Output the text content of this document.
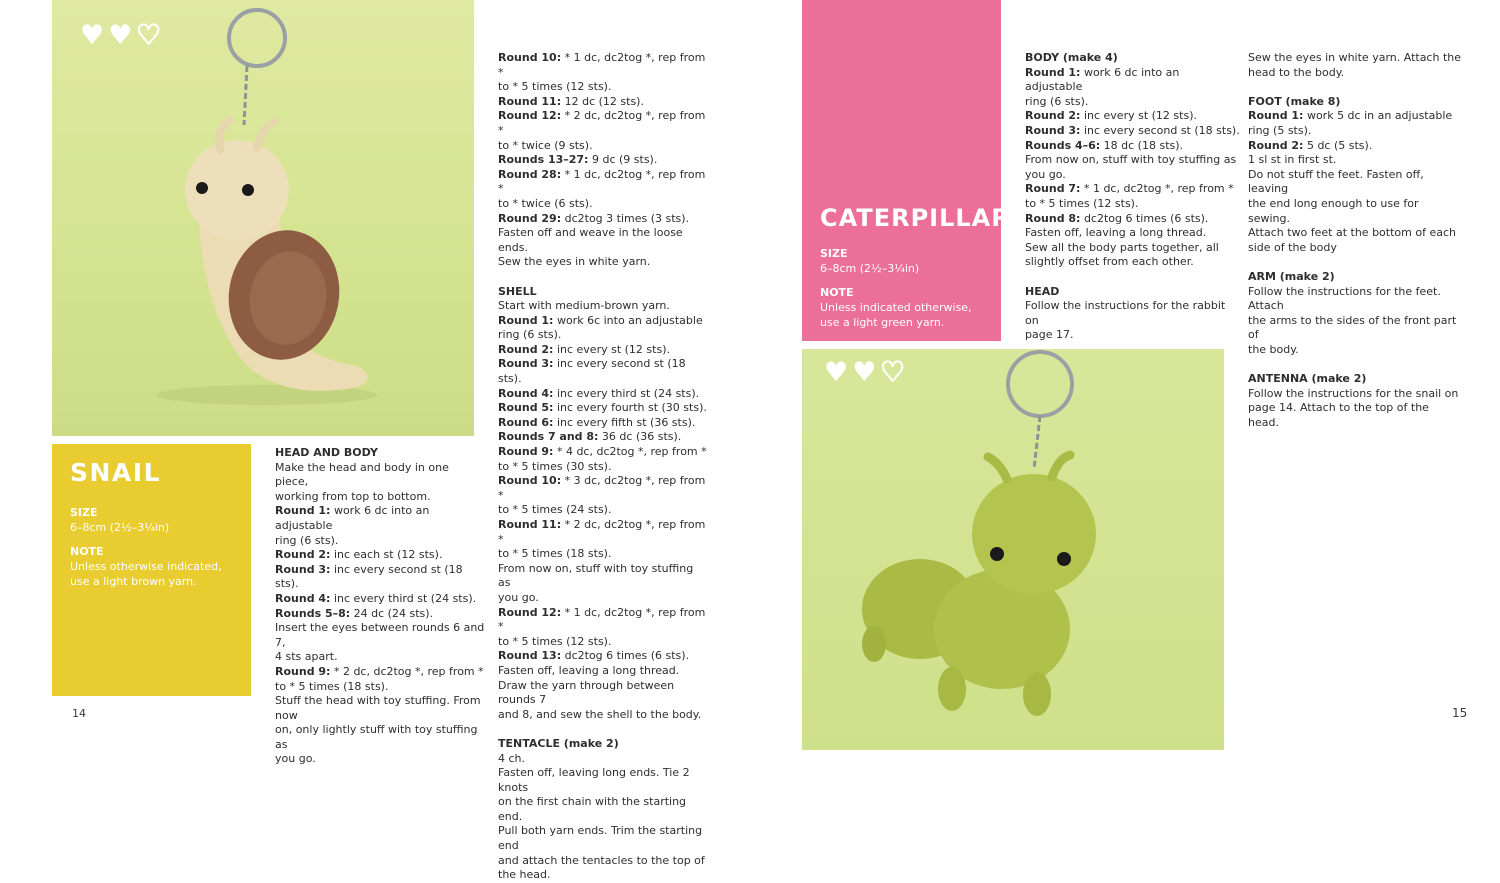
♥ ♥ ♥

SNAIL

SIZE

6–8cm (2½–3¼in)

NOTE

Unless otherwise indicated, use a light brown yarn.

HEAD AND BODY

Make the head and body in one piece,

working from top to bottom.

Round 1: work 6 dc into an adjustable

ring (6 sts).

Round 2: inc each st (12 sts).

Round 3: inc every second st (18 sts).

Round 4: inc every third st (24 sts).

Rounds 5–8: 24 dc (24 sts).

Insert the eyes between rounds 6 and 7,

4 sts apart.

Round 9: * 2 dc, dc2tog *, rep from *

to * 5 times (18 sts).

Stuff the head with toy stuffing. From now

on, only lightly stuff with toy stuffing as

you go.

Round 10: * 1 dc, dc2tog *, rep from *

to * 5 times (12 sts).

Round 11: 12 dc (12 sts).

Round 12: * 2 dc, dc2tog *, rep from *

to * twice (9 sts).

Rounds 13–27: 9 dc (9 sts).

Round 28: * 1 dc, dc2tog *, rep from *

to * twice (6 sts).

Round 29: dc2tog 3 times (3 sts).

Fasten off and weave in the loose ends.

Sew the eyes in white yarn.

SHELL

Start with medium-brown yarn.

Round 1: work 6c into an adjustable

ring (6 sts).

Round 2: inc every st (12 sts).

Round 3: inc every second st (18 sts).

Round 4: inc every third st (24 sts).

Round 5: inc every fourth st (30 sts).

Round 6: inc every fifth st (36 sts).

Rounds 7 and 8: 36 dc (36 sts).

Round 9: * 4 dc, dc2tog *, rep from *

to * 5 times (30 sts).

Round 10: * 3 dc, dc2tog *, rep from *

to * 5 times (24 sts).

Round 11: * 2 dc, dc2tog *, rep from *

to * 5 times (18 sts).

From now on, stuff with toy stuffing as

you go.

Round 12: * 1 dc, dc2tog *, rep from *

to * 5 times (12 sts).

Round 13: dc2tog 6 times (6 sts).

Fasten off, leaving a long thread.

Draw the yarn through between rounds 7

and 8, and sew the shell to the body.

TENTACLE (make 2)

4 ch.

Fasten off, leaving long ends. Tie 2 knots

on the first chain with the starting end.

Pull both yarn ends. Trim the starting end

and attach the tentacles to the top of

the head.

CATERPILLAR

SIZE

6–8cm (2½–3¼in)

NOTE

Unless indicated otherwise, use a light green yarn.

BODY (make 4)

Round 1: work 6 dc into an adjustable

ring (6 sts).

Round 2: inc every st (12 sts).

Round 3: inc every second st (18 sts).

Rounds 4–6: 18 dc (18 sts).

From now on, stuff with toy stuffing as

you go.

Round 7: * 1 dc, dc2tog *, rep from *

to * 5 times (12 sts).

Round 8: dc2tog 6 times (6 sts).

Fasten off, leaving a long thread.

Sew all the body parts together, all

slightly offset from each other.

HEAD

Follow the instructions for the rabbit on

page 17.

Sew the eyes in white yarn. Attach the

head to the body.

FOOT (make 8)

Round 1: work 5 dc in an adjustable

ring (5 sts).

Round 2: 5 dc (5 sts).

1 sl st in first st.

Do not stuff the feet. Fasten off, leaving

the end long enough to use for sewing.

Attach two feet at the bottom of each

side of the body

ARM (make 2)

Follow the instructions for the feet. Attach

the arms to the sides of the front part of

the body.

ANTENNA (make 2)

Follow the instructions for the snail on

page 14. Attach to the top of the head.

♥ ♥ ♥
14	15
